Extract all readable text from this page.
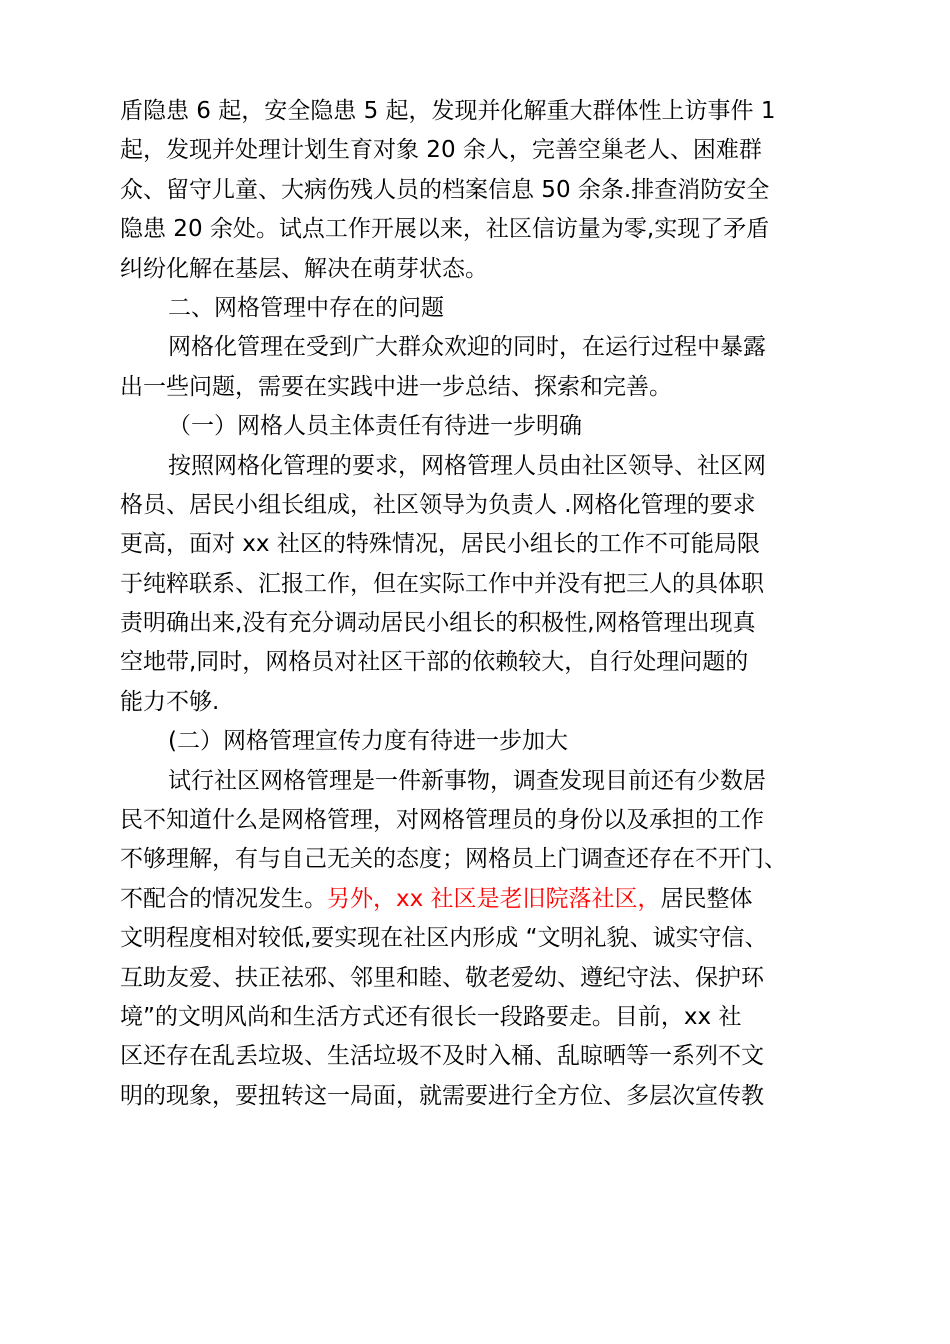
盾隐患 6 起，安全隐患 5 起，发现并化解重大群体性上访事件 1
起，发现并处理计划生育对象 20 余人，完善空巢老人、困难群
众、留守儿童、大病伤残人员的档案信息 50 余条.排查消防安全
隐患 20 余处。试点工作开展以来，社区信访量为零,实现了矛盾
纠纷化解在基层、解决在萌芽状态。
二、网格管理中存在的问题
网格化管理在受到广大群众欢迎的同时，在运行过程中暴露
出一些问题，需要在实践中进一步总结、探索和完善。
（一）网格人员主体责任有待进一步明确
按照网格化管理的要求，网格管理人员由社区领导、社区网
格员、居民小组长组成，社区领导为负责人 .网格化管理的要求
更高，面对 xx 社区的特殊情况，居民小组长的工作不可能局限
于纯粹联系、汇报工作，但在实际工作中并没有把三人的具体职
责明确出来,没有充分调动居民小组长的积极性,网格管理出现真
空地带,同时，网格员对社区干部的依赖较大，自行处理问题的
能力不够.
(二）网格管理宣传力度有待进一步加大
试行社区网格管理是一件新事物，调查发现目前还有少数居
民不知道什么是网格管理，对网格管理员的身份以及承担的工作
不够理解，有与自己无关的态度；网格员上门调查还存在不开门、
不配合的情况发生。另外，xx 社区是老旧院落社区，居民整体
文明程度相对较低,要实现在社区内形成 “文明礼貌、诚实守信、
互助友爱、扶正祛邪、邻里和睦、敬老爱幼、遵纪守法、保护环
境”的文明风尚和生活方式还有很长一段路要走。目前，xx 社
区还存在乱丢垃圾、生活垃圾不及时入桶、乱晾晒等一系列不文
明的现象，要扭转这一局面，就需要进行全方位、多层次宣传教
